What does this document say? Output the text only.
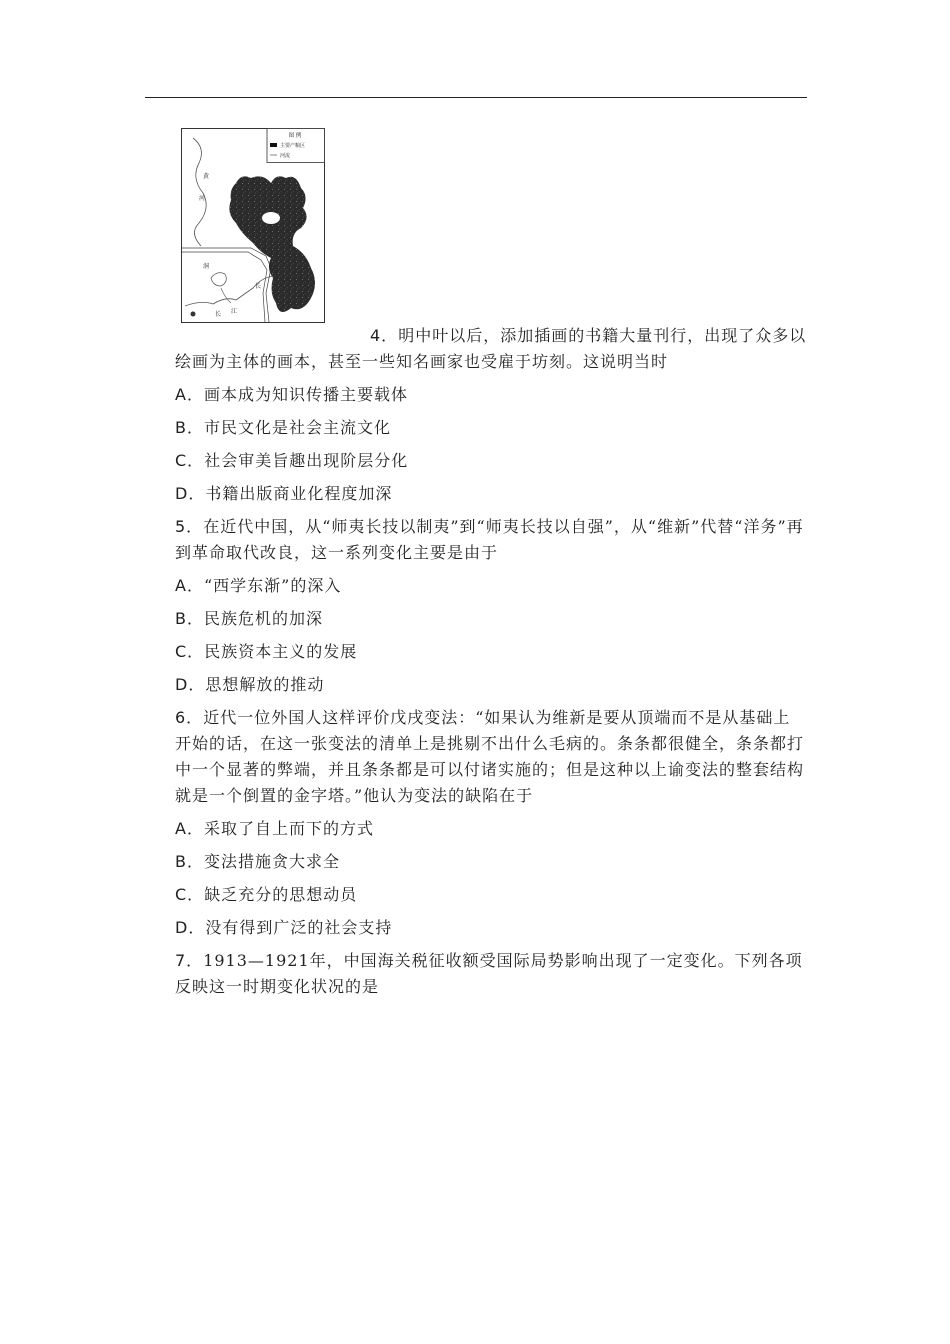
图 例
主要产粮区
河流
黄
河
江
长
洞
江
长

4．明中叶以后，添加插画的书籍大量刊行，出现了众多以绘画为主体的画本，甚至一些知名画家也受雇于坊刻。这说明当时

A．画本成为知识传播主要载体

B．市民文化是社会主流文化

C．社会审美旨趣出现阶层分化

D．书籍出版商业化程度加深

5．在近代中国，从“师夷长技以制夷”到“师夷长技以自强”，从“维新”代替“洋务”再到革命取代改良，这一系列变化主要是由于

A．“西学东渐”的深入

B．民族危机的加深

C．民族资本主义的发展

D．思想解放的推动

6．近代一位外国人这样评价戊戌变法：“如果认为维新是要从顶端而不是从基础上开始的话，在这一张变法的清单上是挑剔不出什么毛病的。条条都很健全，条条都打中一个显著的弊端，并且条条都是可以付诸实施的；但是这种以上谕变法的整套结构就是一个倒置的金字塔。”他认为变法的缺陷在于

A．采取了自上而下的方式

B．变法措施贪大求全

C．缺乏充分的思想动员

D．没有得到广泛的社会支持

7．1913—1921年，中国海关税征收额受国际局势影响出现了一定变化。下列各项反映这一时期变化状况的是
